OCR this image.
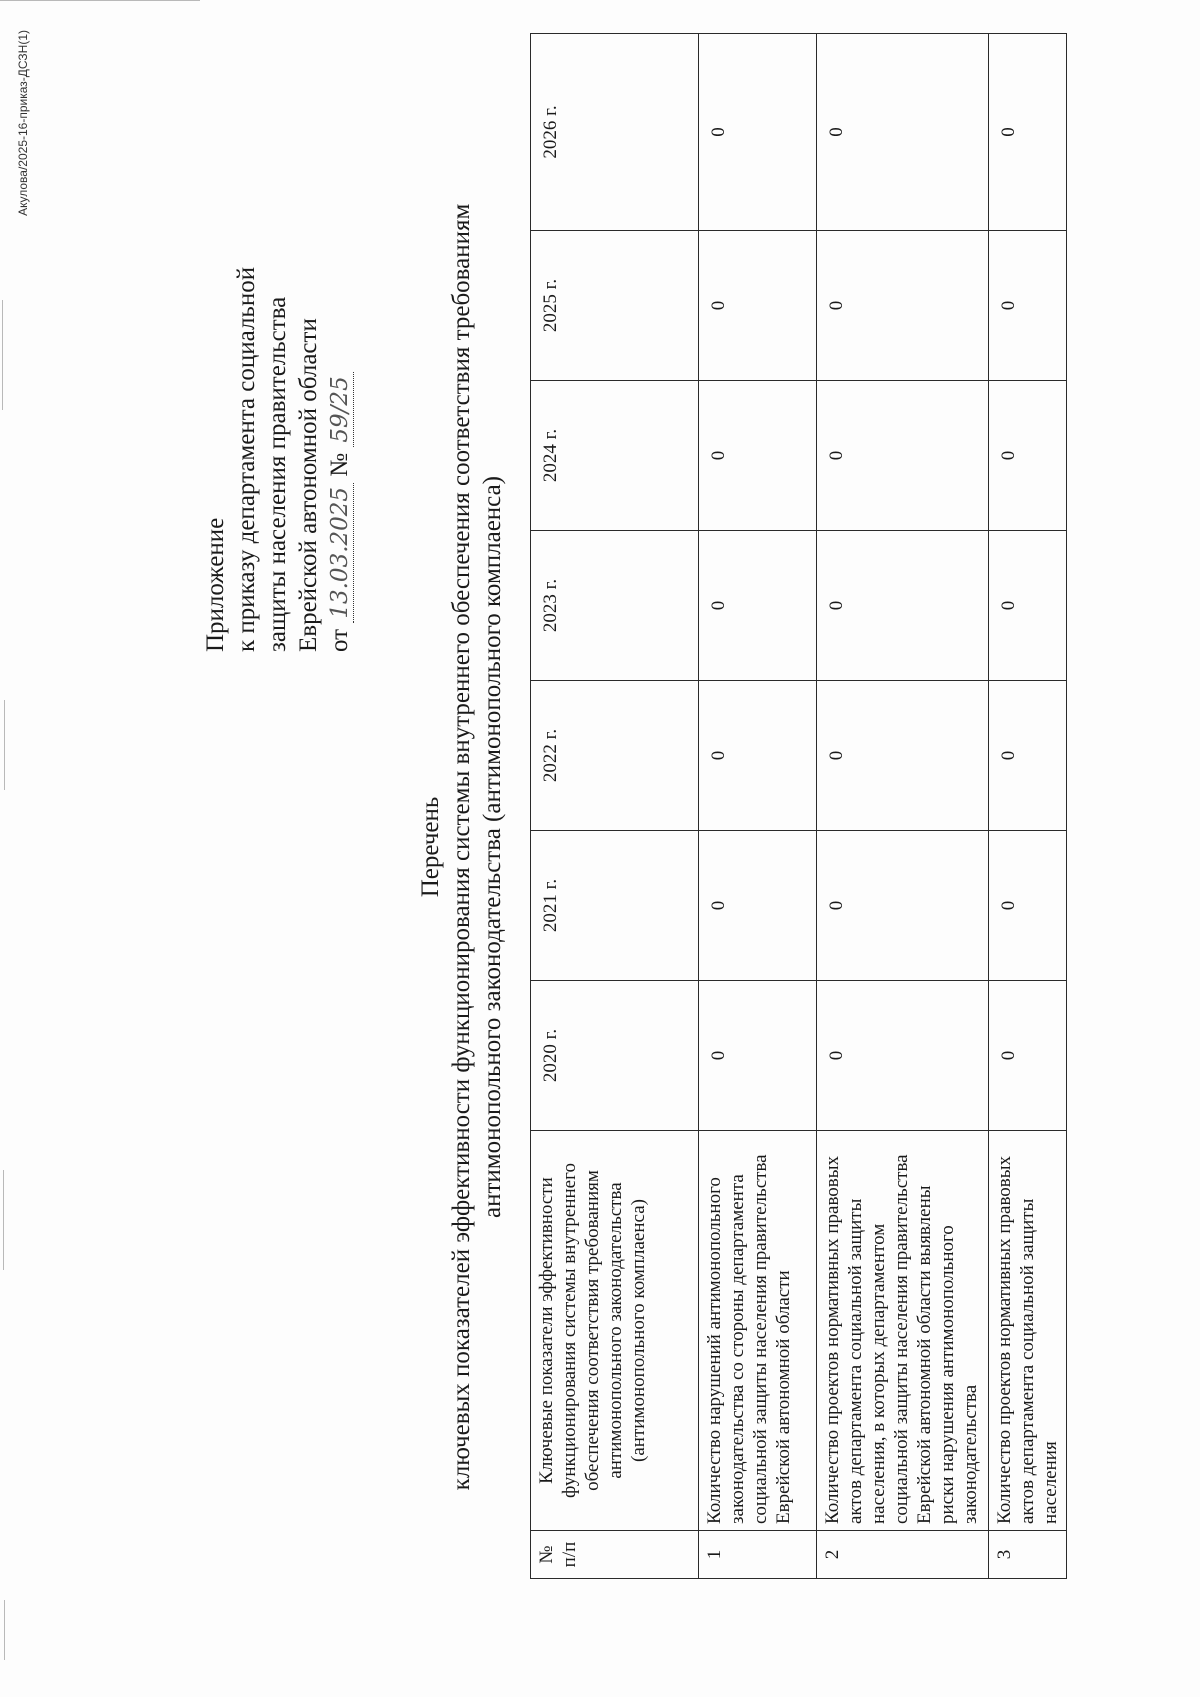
Приложение к приказу департамента социальной защиты населения правительства Еврейской автономной области от 13.03.2025 № 59/25
Перечень ключевых показателей эффективности функционирования системы внутреннего обеспечения соответствия требованиям антимонопольного законодательства (антимонопольного комплаенса)
№ п/п	Ключевые показатели эффективности функционирования системы внутреннего обеспечения соответствия требованиям антимонопольного законодательства (антимонопольного комплаенса)	2020 г.	2021 г.	2022 г.	2023 г.	2024 г.	2025 г.	2026 г.
1	Количество нарушений антимонопольного законодательства со стороны департамента социальной защиты населения правительства Еврейской автономной области	0	0	0	0	0	0	0
2	Количество проектов нормативных правовых актов департамента социальной защиты населения, в которых департаментом социальной защиты населения правительства Еврейской автономной области выявлены риски нарушения антимонопольного законодательства	0	0	0	0	0	0	0
3	Количество проектов нормативных правовых актов департамента социальной защиты населения	0	0	0	0	0	0	0
Акулова/2025-16-приказ-ДСЗН(1)
